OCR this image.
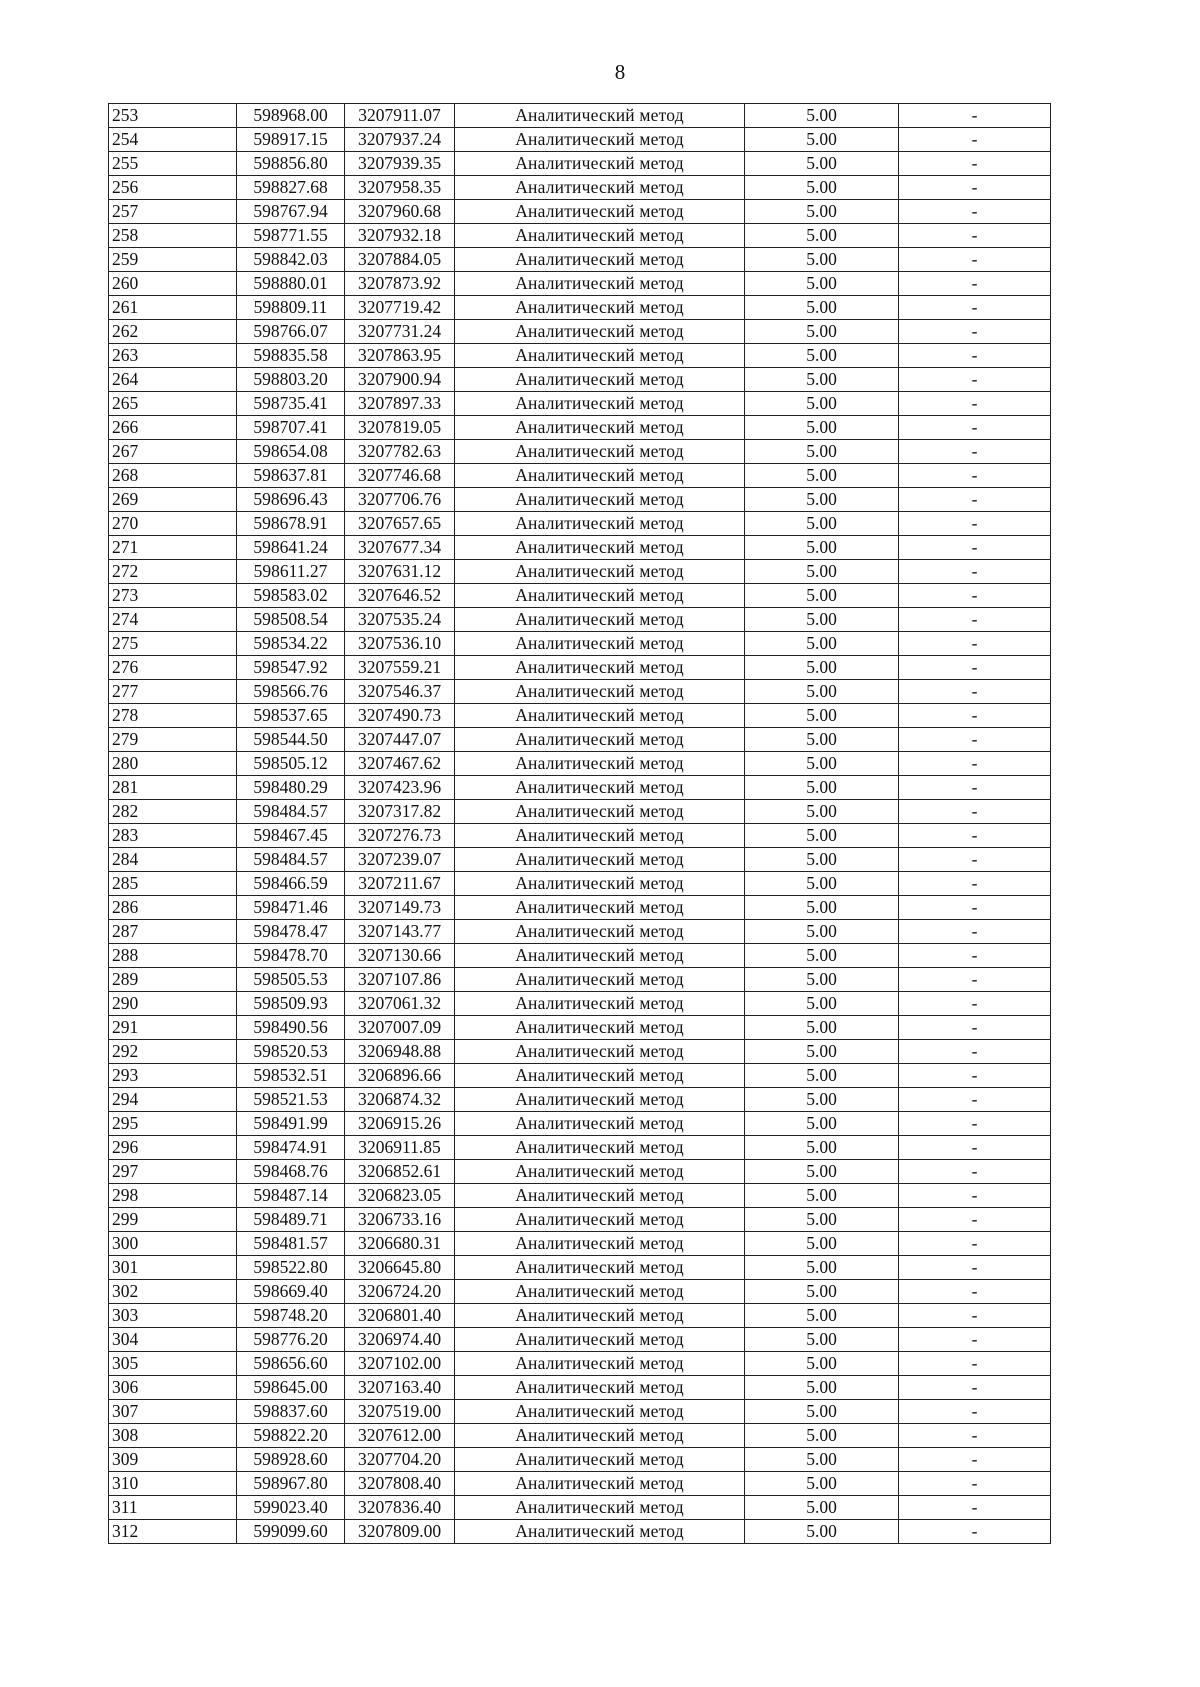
8
253	598968.00	3207911.07	Аналитический метод	5.00	-
254	598917.15	3207937.24	Аналитический метод	5.00	-
255	598856.80	3207939.35	Аналитический метод	5.00	-
256	598827.68	3207958.35	Аналитический метод	5.00	-
257	598767.94	3207960.68	Аналитический метод	5.00	-
258	598771.55	3207932.18	Аналитический метод	5.00	-
259	598842.03	3207884.05	Аналитический метод	5.00	-
260	598880.01	3207873.92	Аналитический метод	5.00	-
261	598809.11	3207719.42	Аналитический метод	5.00	-
262	598766.07	3207731.24	Аналитический метод	5.00	-
263	598835.58	3207863.95	Аналитический метод	5.00	-
264	598803.20	3207900.94	Аналитический метод	5.00	-
265	598735.41	3207897.33	Аналитический метод	5.00	-
266	598707.41	3207819.05	Аналитический метод	5.00	-
267	598654.08	3207782.63	Аналитический метод	5.00	-
268	598637.81	3207746.68	Аналитический метод	5.00	-
269	598696.43	3207706.76	Аналитический метод	5.00	-
270	598678.91	3207657.65	Аналитический метод	5.00	-
271	598641.24	3207677.34	Аналитический метод	5.00	-
272	598611.27	3207631.12	Аналитический метод	5.00	-
273	598583.02	3207646.52	Аналитический метод	5.00	-
274	598508.54	3207535.24	Аналитический метод	5.00	-
275	598534.22	3207536.10	Аналитический метод	5.00	-
276	598547.92	3207559.21	Аналитический метод	5.00	-
277	598566.76	3207546.37	Аналитический метод	5.00	-
278	598537.65	3207490.73	Аналитический метод	5.00	-
279	598544.50	3207447.07	Аналитический метод	5.00	-
280	598505.12	3207467.62	Аналитический метод	5.00	-
281	598480.29	3207423.96	Аналитический метод	5.00	-
282	598484.57	3207317.82	Аналитический метод	5.00	-
283	598467.45	3207276.73	Аналитический метод	5.00	-
284	598484.57	3207239.07	Аналитический метод	5.00	-
285	598466.59	3207211.67	Аналитический метод	5.00	-
286	598471.46	3207149.73	Аналитический метод	5.00	-
287	598478.47	3207143.77	Аналитический метод	5.00	-
288	598478.70	3207130.66	Аналитический метод	5.00	-
289	598505.53	3207107.86	Аналитический метод	5.00	-
290	598509.93	3207061.32	Аналитический метод	5.00	-
291	598490.56	3207007.09	Аналитический метод	5.00	-
292	598520.53	3206948.88	Аналитический метод	5.00	-
293	598532.51	3206896.66	Аналитический метод	5.00	-
294	598521.53	3206874.32	Аналитический метод	5.00	-
295	598491.99	3206915.26	Аналитический метод	5.00	-
296	598474.91	3206911.85	Аналитический метод	5.00	-
297	598468.76	3206852.61	Аналитический метод	5.00	-
298	598487.14	3206823.05	Аналитический метод	5.00	-
299	598489.71	3206733.16	Аналитический метод	5.00	-
300	598481.57	3206680.31	Аналитический метод	5.00	-
301	598522.80	3206645.80	Аналитический метод	5.00	-
302	598669.40	3206724.20	Аналитический метод	5.00	-
303	598748.20	3206801.40	Аналитический метод	5.00	-
304	598776.20	3206974.40	Аналитический метод	5.00	-
305	598656.60	3207102.00	Аналитический метод	5.00	-
306	598645.00	3207163.40	Аналитический метод	5.00	-
307	598837.60	3207519.00	Аналитический метод	5.00	-
308	598822.20	3207612.00	Аналитический метод	5.00	-
309	598928.60	3207704.20	Аналитический метод	5.00	-
310	598967.80	3207808.40	Аналитический метод	5.00	-
311	599023.40	3207836.40	Аналитический метод	5.00	-
312	599099.60	3207809.00	Аналитический метод	5.00	-
